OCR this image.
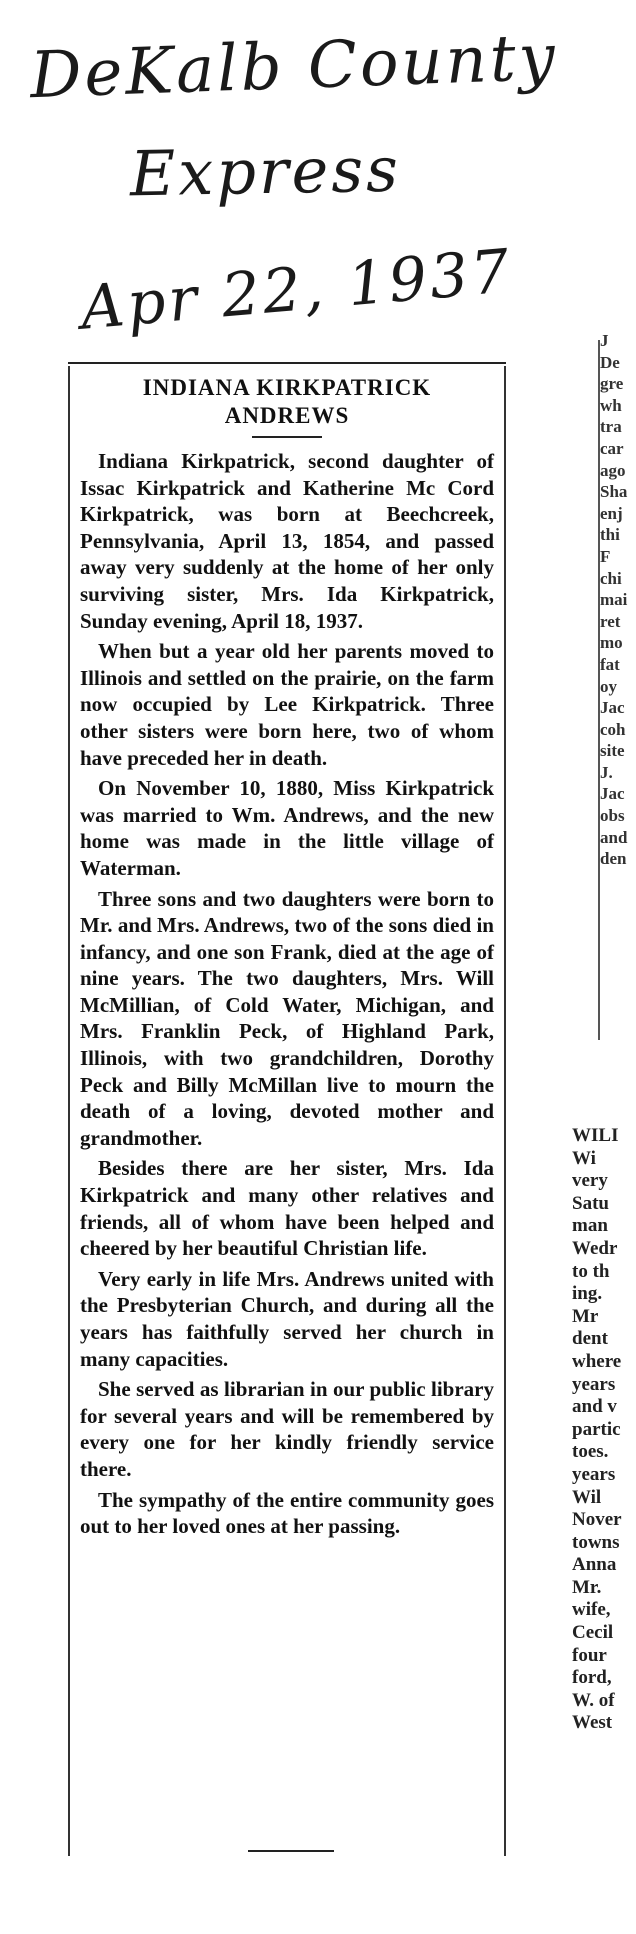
DeKalb County
Express
Apr 22, 1937
INDIANA KIRKPATRICK
ANDREWS

Indiana Kirkpatrick, second daughter of Issac Kirkpatrick and Katherine Mc Cord Kirkpatrick, was born at Beechcreek, Pennsylvania, April 13, 1854, and passed away very suddenly at the home of her only surviving sister, Mrs. Ida Kirkpatrick, Sunday evening, April 18, 1937.

When but a year old her parents moved to Illinois and settled on the prairie, on the farm now occupied by Lee Kirkpatrick. Three other sisters were born here, two of whom have preceded her in death.

On November 10, 1880, Miss Kirkpatrick was married to Wm. Andrews, and the new home was made in the little village of Waterman.

Three sons and two daughters were born to Mr. and Mrs. Andrews, two of the sons died in infancy, and one son Frank, died at the age of nine years. The two daughters, Mrs. Will McMillian, of Cold Water, Michigan, and Mrs. Franklin Peck, of Highland Park, Illinois, with two grandchildren, Dorothy Peck and Billy McMillan live to mourn the death of a loving, devoted mother and grandmother.

Besides there are her sister, Mrs. Ida Kirkpatrick and many other relatives and friends, all of whom have been helped and cheered by her beautiful Christian life.

Very early in life Mrs. Andrews united with the Presbyterian Church, and during all the years has faithfully served her church in many capacities.

She served as librarian in our public library for several years and will be remembered by every one for her kindly friendly service there.

The sympathy of the entire community goes out to her loved ones at her passing.

J
De
gre
wh
tra
car
ago
Sha
enj
thi
F
chi
mai
ret
mo
fat
oy
Jac
coh
site
J.
Jac
obs
and
den
WILI
Wi
very
Satu
man
Wedr
to th
ing.
Mr
dent
where
years
and v
partic
toes.
years
Wil
Nover
towns
Anna
Mr.
wife,
Cecil
four
ford,
W. of
West
